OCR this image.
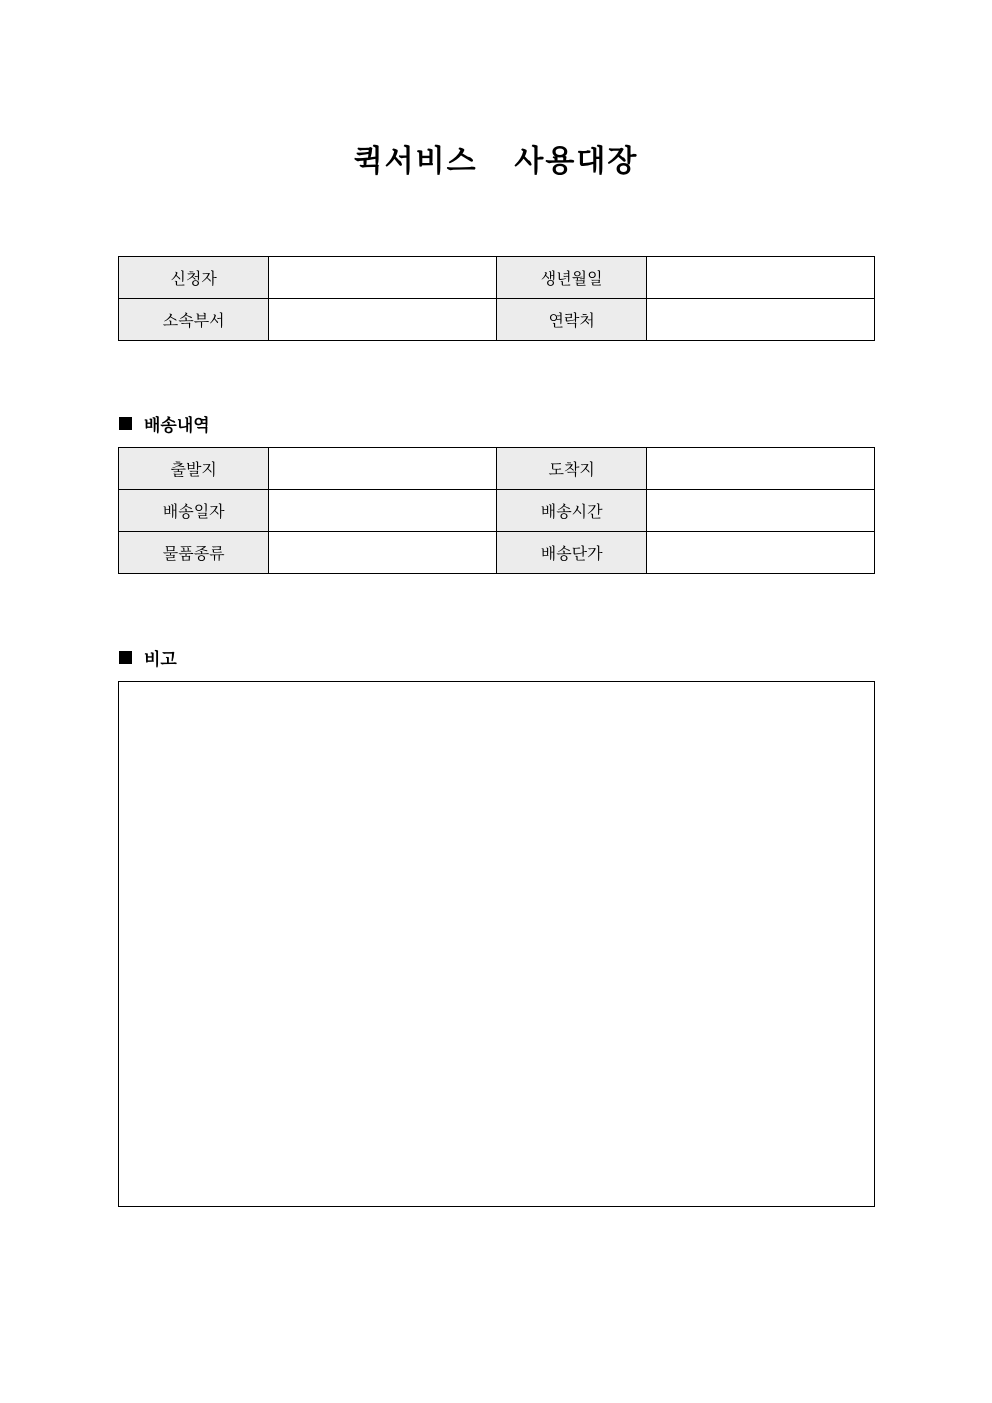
퀵서비스  사용대장
신청자		생년월일	
소속부서		연락처	
배송내역
출발지		도착지	
배송일자		배송시간	
물품종류		배송단가	
비고
